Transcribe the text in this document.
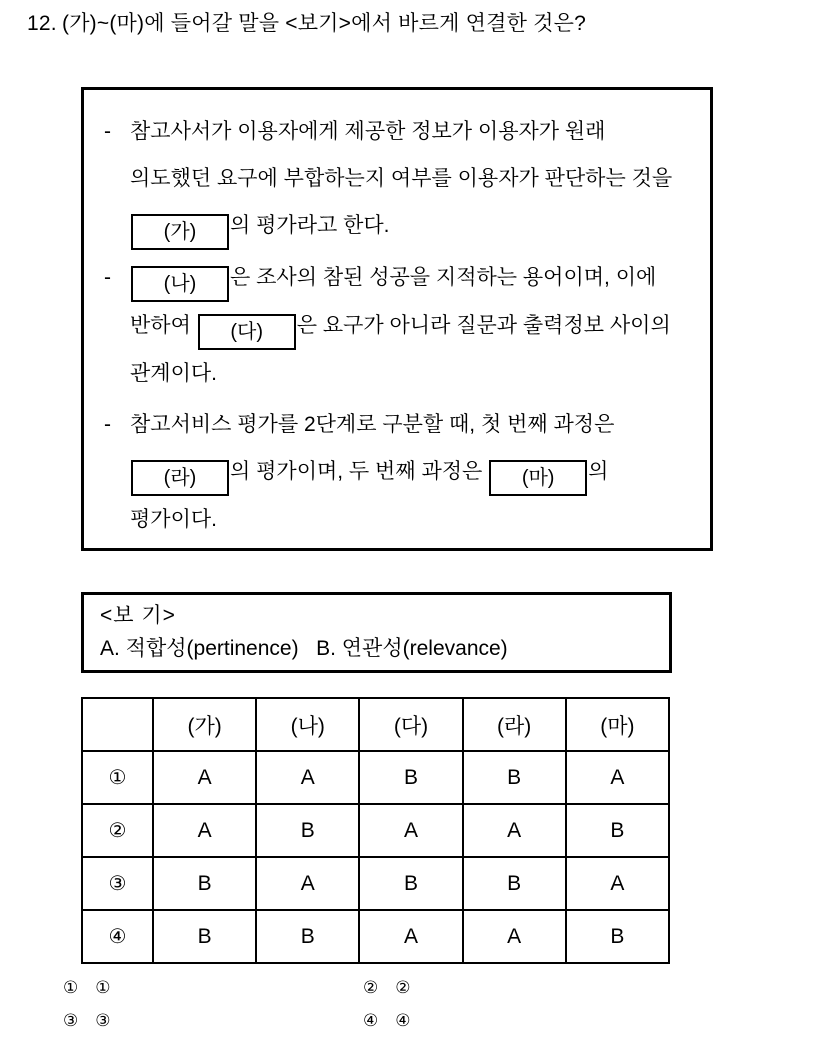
12. (가)~(마)에 들어갈 말을 <보기>에서 바르게 연결한 것은?
- 참고사서가 이용자에게 제공한 정보가 이용자가 원래 의도했던 요구에 부합하는지 여부를 이용자가 판단하는 것을 (가) 의 평가라고 한다.
-	(나) 은 조사의 참된 성공을 지적하는 용어이며, 이에 반하여 (다) 은 요구가 아니라 질문과 출력정보 사이의 관계이다.
- 참고서비스 평가를 2단계로 구분할 때, 첫 번째 과정은 (라) 의 평가이며, 두 번째 과정은 (마) 의 평가이다.
<보 기>
A. 적합성(pertinence)   B. 연관성(relevance)
	(가)	(나)	(다)	(라)	(마)
①	A	A	B	B	A
②	A	B	A	A	B
③	B	A	B	B	A
④	B	B	A	A	B
① ①	② ②
③ ③	④ ④
